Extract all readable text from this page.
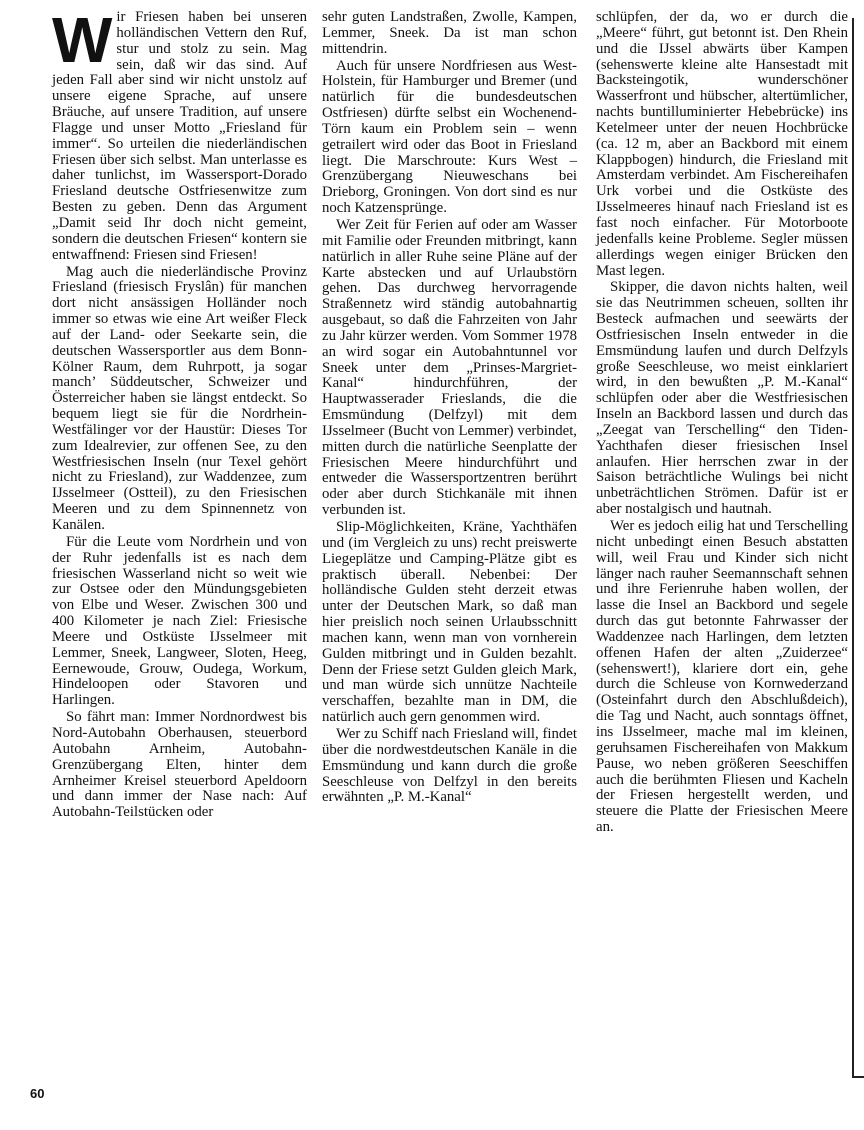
Wir Friesen haben bei unseren holländischen Vettern den Ruf, stur und stolz zu sein. Mag sein, daß wir das sind. Auf jeden Fall aber sind wir nicht unstolz auf unsere eigene Sprache, auf unsere Bräuche, auf unsere Tradition, auf unsere Flagge und unser Motto „Friesland für immer“. So urteilen die niederländischen Friesen über sich selbst. Man unterlasse es daher tunlichst, im Wassersport-Dorado Friesland deutsche Ostfriesenwitze zum Besten zu geben. Denn das Argument „Damit seid Ihr doch nicht gemeint, sondern die deutschen Friesen“ kontern sie entwaffnend: Friesen sind Friesen!

Mag auch die niederländische Provinz Friesland (friesisch Fryslân) für manchen dort nicht ansässigen Holländer noch immer so etwas wie eine Art weißer Fleck auf der Land- oder Seekarte sein, die deutschen Wassersportler aus dem Bonn-Kölner Raum, dem Ruhrpott, ja sogar manch’ Süddeutscher, Schweizer und Österreicher haben sie längst entdeckt. So bequem liegt sie für die Nordrhein-Westfälinger vor der Haustür: Dieses Tor zum Idealrevier, zur offenen See, zu den Westfriesischen Inseln (nur Texel gehört nicht zu Friesland), zur Waddenzee, zum IJsselmeer (Ostteil), zu den Friesischen Meeren und zu dem Spinnennetz von Kanälen.

Für die Leute vom Nordrhein und von der Ruhr jedenfalls ist es nach dem friesischen Wasserland nicht so weit wie zur Ostsee oder den Mündungsgebieten von Elbe und Weser. Zwischen 300 und 400 Kilometer je nach Ziel: Friesische Meere und Ostküste IJsselmeer mit Lemmer, Sneek, Langweer, Sloten, Heeg, Eernewoude, Grouw, Oudega, Workum, Hindeloopen oder Stavoren und Harlingen.

So fährt man: Immer Nordnordwest bis Nord-Autobahn Oberhausen, steuerbord Autobahn Arnheim, Autobahn-Grenzübergang Elten, hinter dem Arnheimer Kreisel steuerbord Apeldoorn und dann immer der Nase nach: Auf Autobahn-Teilstücken oder

sehr guten Landstraßen, Zwolle, Kampen, Lemmer, Sneek. Da ist man schon mittendrin.

Auch für unsere Nordfriesen aus West-Holstein, für Hamburger und Bremer (und natürlich für die bundesdeutschen Ostfriesen) dürfte selbst ein Wochenend-Törn kaum ein Problem sein – wenn getrailert wird oder das Boot in Friesland liegt. Die Marschroute: Kurs West – Grenzübergang Nieuweschans bei Drieborg, Groningen. Von dort sind es nur noch Katzensprünge.

Wer Zeit für Ferien auf oder am Wasser mit Familie oder Freunden mitbringt, kann natürlich in aller Ruhe seine Pläne auf der Karte abstecken und auf Urlaubstörn gehen. Das durchweg hervorragende Straßennetz wird ständig autobahnartig ausgebaut, so daß die Fahrzeiten von Jahr zu Jahr kürzer werden. Vom Sommer 1978 an wird sogar ein Autobahntunnel vor Sneek unter dem „Prinses-Margriet-Kanal“ hindurchführen, der Hauptwasserader Frieslands, die die Emsmündung (Delfzyl) mit dem IJsselmeer (Bucht von Lemmer) verbindet, mitten durch die natürliche Seenplatte der Friesischen Meere hindurchführt und entweder die Wassersportzentren berührt oder aber durch Stichkanäle mit ihnen verbunden ist.

Slip-Möglichkeiten, Kräne, Yachthäfen und (im Vergleich zu uns) recht preiswerte Liegeplätze und Camping-Plätze gibt es praktisch überall. Nebenbei: Der holländische Gulden steht derzeit etwas unter der Deutschen Mark, so daß man hier preislich noch seinen Urlaubsschnitt machen kann, wenn man von vornherein Gulden mitbringt und in Gulden bezahlt. Denn der Friese setzt Gulden gleich Mark, und man würde sich unnütze Nachteile verschaffen, bezahlte man in DM, die natürlich auch gern genommen wird.

Wer zu Schiff nach Friesland will, findet über die nordwestdeutschen Kanäle in die Emsmündung und kann durch die große Seeschleuse von Delfzyl in den bereits erwähnten „P. M.-Kanal“

schlüpfen, der da, wo er durch die „Meere“ führt, gut betonnt ist. Den Rhein und die IJssel abwärts über Kampen (sehenswerte kleine alte Hansestadt mit Backsteingotik, wunderschöner Wasserfront und hübscher, altertümlicher, nachts buntilluminierter Hebebrücke) ins Ketelmeer unter der neuen Hochbrücke (ca. 12 m, aber an Backbord mit einem Klappbogen) hindurch, die Friesland mit Amsterdam verbindet. Am Fischereihafen Urk vorbei und die Ostküste des IJsselmeeres hinauf nach Friesland ist es fast noch einfacher. Für Motorboote jedenfalls keine Probleme. Segler müssen allerdings wegen einiger Brücken den Mast legen.

Skipper, die davon nichts halten, weil sie das Neutrimmen scheuen, sollten ihr Besteck aufmachen und seewärts der Ostfriesischen Inseln entweder in die Emsmündung laufen und durch Delfzyls große Seeschleuse, wo meist einklariert wird, in den bewußten „P. M.-Kanal“ schlüpfen oder aber die Westfriesischen Inseln an Backbord lassen und durch das „Zeegat van Terschelling“ den Tiden-Yachthafen dieser friesischen Insel anlaufen. Hier herrschen zwar in der Saison beträchtliche Wulings bei nicht unbeträchtlichen Strömen. Dafür ist er aber nostalgisch und hautnah.

Wer es jedoch eilig hat und Terschelling nicht unbedingt einen Besuch abstatten will, weil Frau und Kinder sich nicht länger nach rauher Seemannschaft sehnen und ihre Ferienruhe haben wollen, der lasse die Insel an Backbord und segele durch das gut betonnte Fahrwasser der Waddenzee nach Harlingen, dem letzten offenen Hafen der alten „Zuiderzee“ (sehenswert!), klariere dort ein, gehe durch die Schleuse von Kornwederzand (Osteinfahrt durch den Abschlußdeich), die Tag und Nacht, auch sonntags öffnet, ins IJsselmeer, mache mal im kleinen, geruhsamen Fischereihafen von Makkum Pause, wo neben größeren Seeschiffen auch die berühmten Fliesen und Kacheln der Friesen hergestellt werden, und steuere die Platte der Friesischen Meere an.

60
